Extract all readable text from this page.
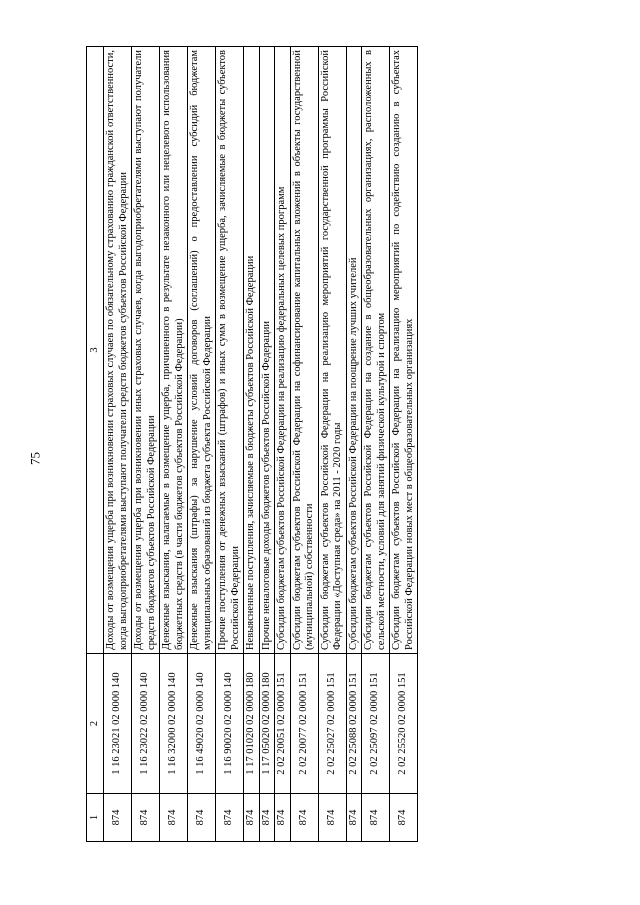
75
1	2	3
874	1 16 23021 02 0000 140	Доходы от возмещения ущерба при возникновении страховых случаев по обязательному страхованию гражданской ответственности, когда выгодоприобретателями выступают получатели средств бюджетов субъектов Российской Федерации
874	1 16 23022 02 0000 140	Доходы от возмещения ущерба при возникновении иных страховых случаев, когда выгодоприобретателями выступают получатели средств бюджетов субъектов Российской Федерации
874	1 16 32000 02 0000 140	Денежные взыскания, налагаемые в возмещение ущерба, причиненного в результате незаконного или нецелевого использования бюджетных средств (в части бюджетов субъектов Российской Федерации)
874	1 16 49020 02 0000 140	Денежные взыскания (штрафы) за нарушение условий договоров (соглашений) о предоставлении субсидий бюджетам муниципальных образований из бюджета субъекта Российской Федерации
874	1 16 90020 02 0000 140	Прочие поступления от денежных взысканий (штрафов) и иных сумм в возмещение ущерба, зачисляемые в бюджеты субъектов Российской Федерации
874	1 17 01020 02 0000 180	Невыясненные поступления, зачисляемые в бюджеты субъектов Российской Федерации
874	1 17 05020 02 0000 180	Прочие неналоговые доходы бюджетов субъектов Российской Федерации
874	2 02 20051 02 0000 151	Субсидии бюджетам субъектов Российской Федерации на реализацию федеральных целевых программ
874	2 02 20077 02 0000 151	Субсидии бюджетам субъектов Российской Федерации на софинансирование капитальных вложений в объекты государственной (муниципальной) собственности
874	2 02 25027 02 0000 151	Субсидии бюджетам субъектов Российской Федерации на реализацию мероприятий государственной программы Российской Федерации «Доступная среда» на 2011 - 2020 годы
874	2 02 25088 02 0000 151	Субсидии бюджетам субъектов Российской Федерации на поощрение лучших учителей
874	2 02 25097 02 0000 151	Субсидии бюджетам субъектов Российской Федерации на создание в общеобразовательных организациях, расположенных в сельской местности, условий для занятий физической культурой и спортом
874	2 02 25520 02 0000 151	Субсидии бюджетам субъектов Российской Федерации на реализацию мероприятий по содействию созданию в субъектах Российской Федерации новых мест в общеобразовательных организациях
